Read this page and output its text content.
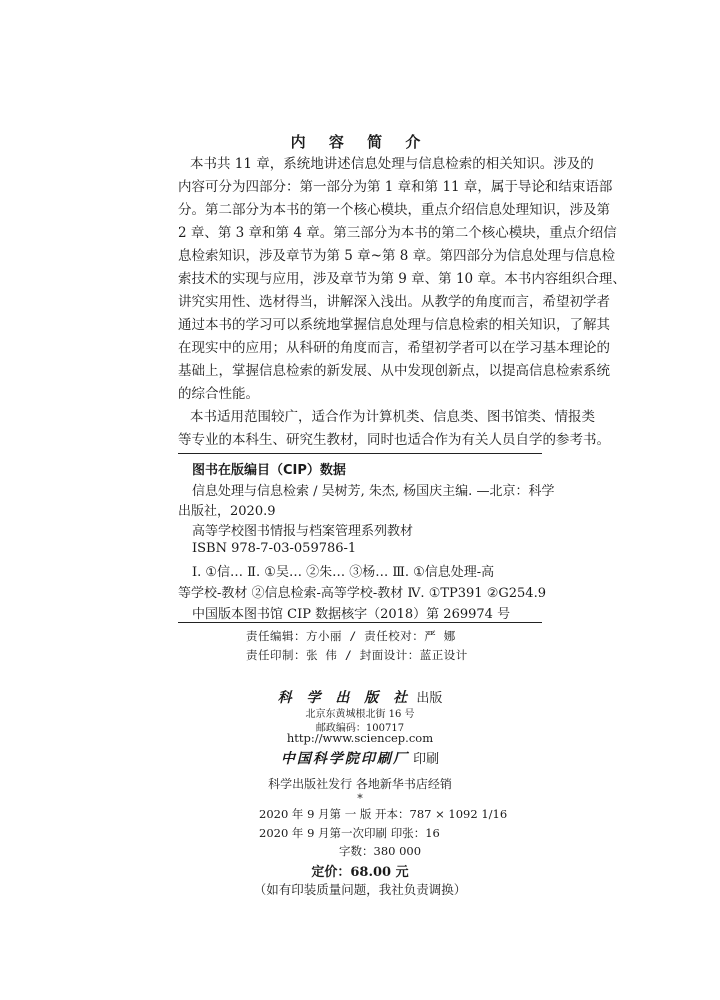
内 容 简 介
本书共 11 章，系统地讲述信息处理与信息检索的相关知识。涉及的
内容可分为四部分：第一部分为第 1 章和第 11 章，属于导论和结束语部
分。第二部分为本书的第一个核心模块，重点介绍信息处理知识，涉及第
2 章、第 3 章和第 4 章。第三部分为本书的第二个核心模块，重点介绍信
息检索知识，涉及章节为第 5 章~第 8 章。第四部分为信息处理与信息检
索技术的实现与应用，涉及章节为第 9 章、第 10 章。本书内容组织合理、
讲究实用性、选材得当，讲解深入浅出。从教学的角度而言，希望初学者
通过本书的学习可以系统地掌握信息处理与信息检索的相关知识，了解其
在现实中的应用；从科研的角度而言，希望初学者可以在学习基本理论的
基础上，掌握信息检索的新发展、从中发现创新点，以提高信息检索系统
的综合性能。
本书适用范围较广，适合作为计算机类、信息类、图书馆类、情报类
等专业的本科生、研究生教材，同时也适合作为有关人员自学的参考书。
图书在版编目（CIP）数据
信息处理与信息检索 / 吴树芳, 朱杰, 杨国庆主编. —北京：科学
出版社，2020.9
高等学校图书情报与档案管理系列教材
ISBN 978-7-03-059786-1
Ⅰ. ①信… Ⅱ. ①吴… ②朱… ③杨… Ⅲ. ①信息处理-高
等学校-教材 ②信息检索-高等学校-教材 Ⅳ. ①TP391 ②G254.9
中国版本图书馆 CIP 数据核字（2018）第 269974 号
责任编辑：方小丽 / 责任校对：严 娜
责任印制：张 伟 / 封面设计：蓝正设计
科 学 出 版 社 出版
北京东黄城根北街 16 号
邮政编码：100717
http://www.sciencep.com
中国科学院印刷厂 印刷
科学出版社发行 各地新华书店经销
*
2020 年 9 月第 一 版 开本：787 × 1092 1/16
2020 年 9 月第一次印刷 印张：16
字数：380 000
定价：68.00 元
（如有印装质量问题，我社负责调换）
